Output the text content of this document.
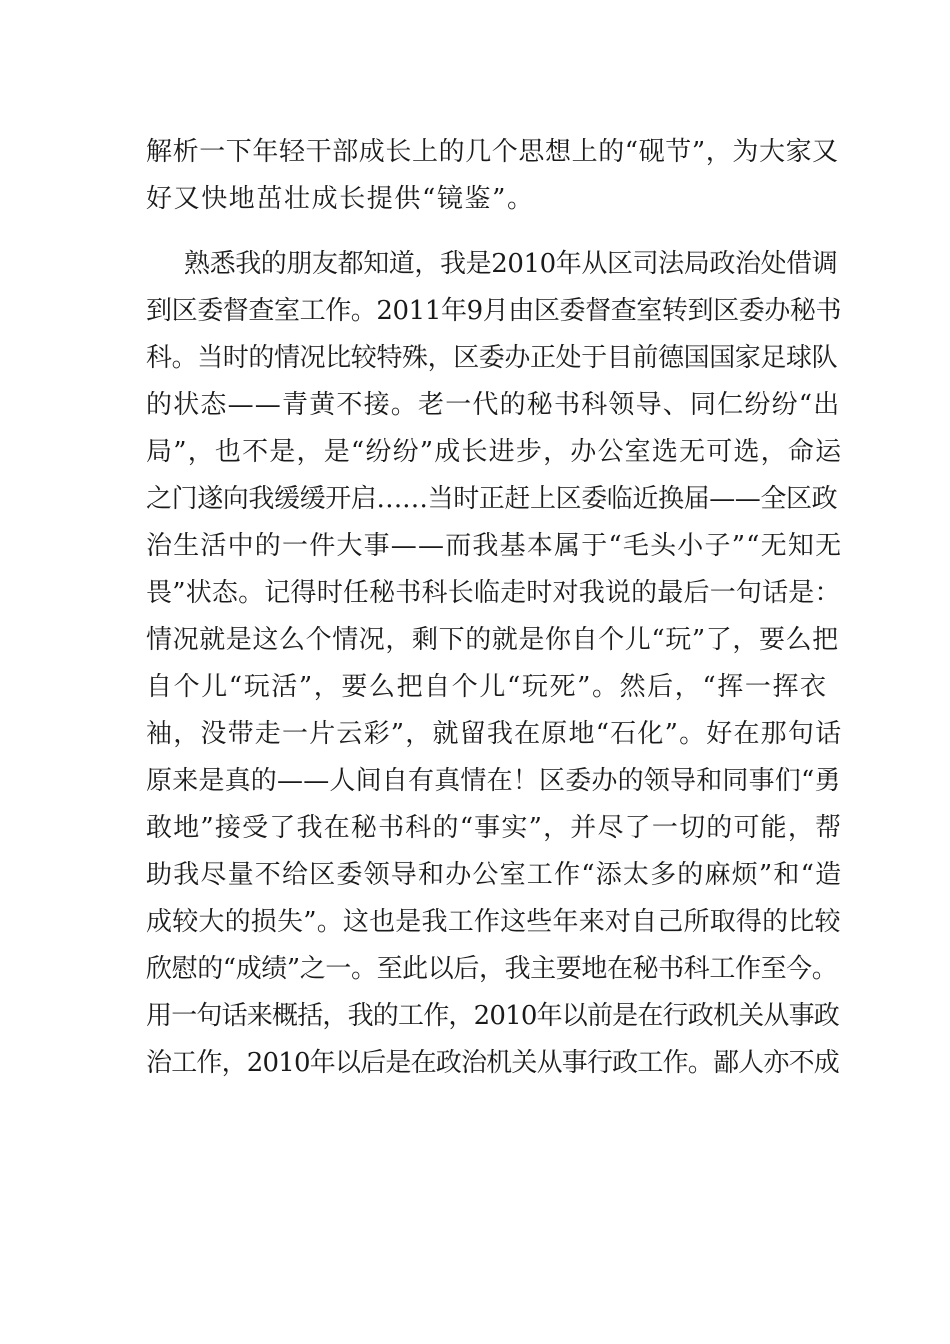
解析一下年轻干部成长上的几个思想上的“砚节”，为大家又
好又快地茁壮成长提供“镜鉴”。
熟悉我的朋友都知道，我是2010年从区司法局政治处借调
到区委督查室工作。2011年9月由区委督查室转到区委办秘书
科。当时的情况比较特殊，区委办正处于目前德国国家足球队
的状态——青黄不接。老一代的秘书科领导、同仁纷纷“出
局”，也不是，是“纷纷”成长进步，办公室选无可选，命运
之门遂向我缓缓开启……当时正赶上区委临近换届——全区政
治生活中的一件大事——而我基本属于“毛头小子”“无知无
畏”状态。记得时任秘书科长临走时对我说的最后一句话是：
情况就是这么个情况，剩下的就是你自个儿“玩”了，要么把
自个儿“玩活”，要么把自个儿“玩死”。然后，“挥一挥衣
袖，没带走一片云彩”，就留我在原地“石化”。好在那句话
原来是真的——人间自有真情在！区委办的领导和同事们“勇
敢地”接受了我在秘书科的“事实”，并尽了一切的可能，帮
助我尽量不给区委领导和办公室工作“添太多的麻烦”和“造
成较大的损失”。这也是我工作这些年来对自己所取得的比较
欣慰的“成绩”之一。至此以后，我主要地在秘书科工作至今。
用一句话来概括，我的工作，2010年以前是在行政机关从事政
治工作，2010年以后是在政治机关从事行政工作。鄙人亦不成
